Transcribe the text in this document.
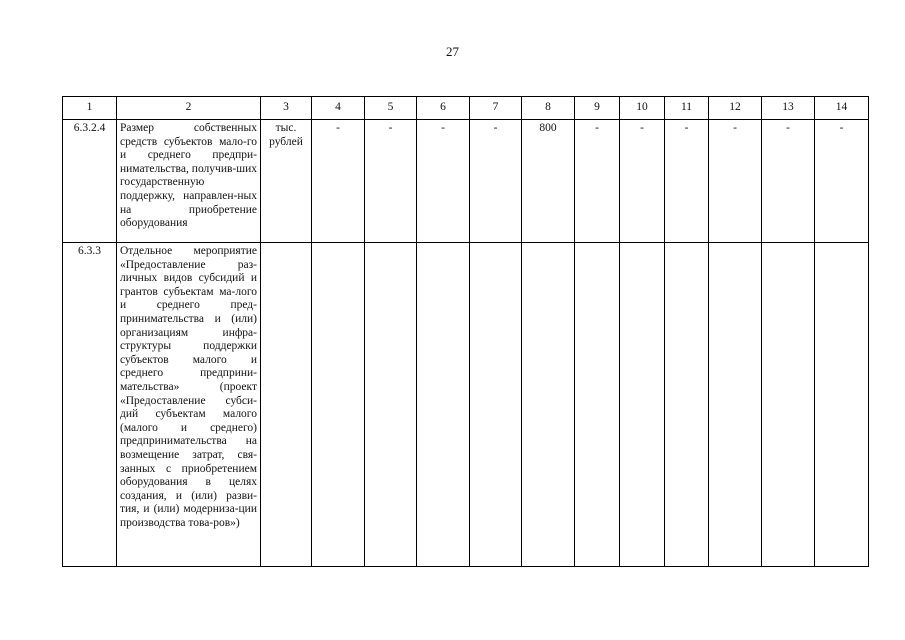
27
1	2	3	4	5	6	7	8	9	10	11	12	13	14
6.3.2.4	Размер собственных средств субъектов мало-го и среднего предпри-нимательства, получив-ших государственную поддержку, направлен-ных на приобретение оборудования	тыс. рублей	-	-	-	-	800	-	-	-	-	-	-
6.3.3	Отдельное мероприятие «Предоставление раз-личных видов субсидий и грантов субъектам ма-лого и среднего пред-принимательства и (или) организациям инфра-структуры поддержки субъектов малого и среднего предприни-мательства» (проект «Предоставление субси-дий субъектам малого (малого и среднего) предпринимательства на возмещение затрат, свя-занных с приобретением оборудования в целях создания, и (или) разви-тия, и (или) модерниза-ции производства това-ров»)												
